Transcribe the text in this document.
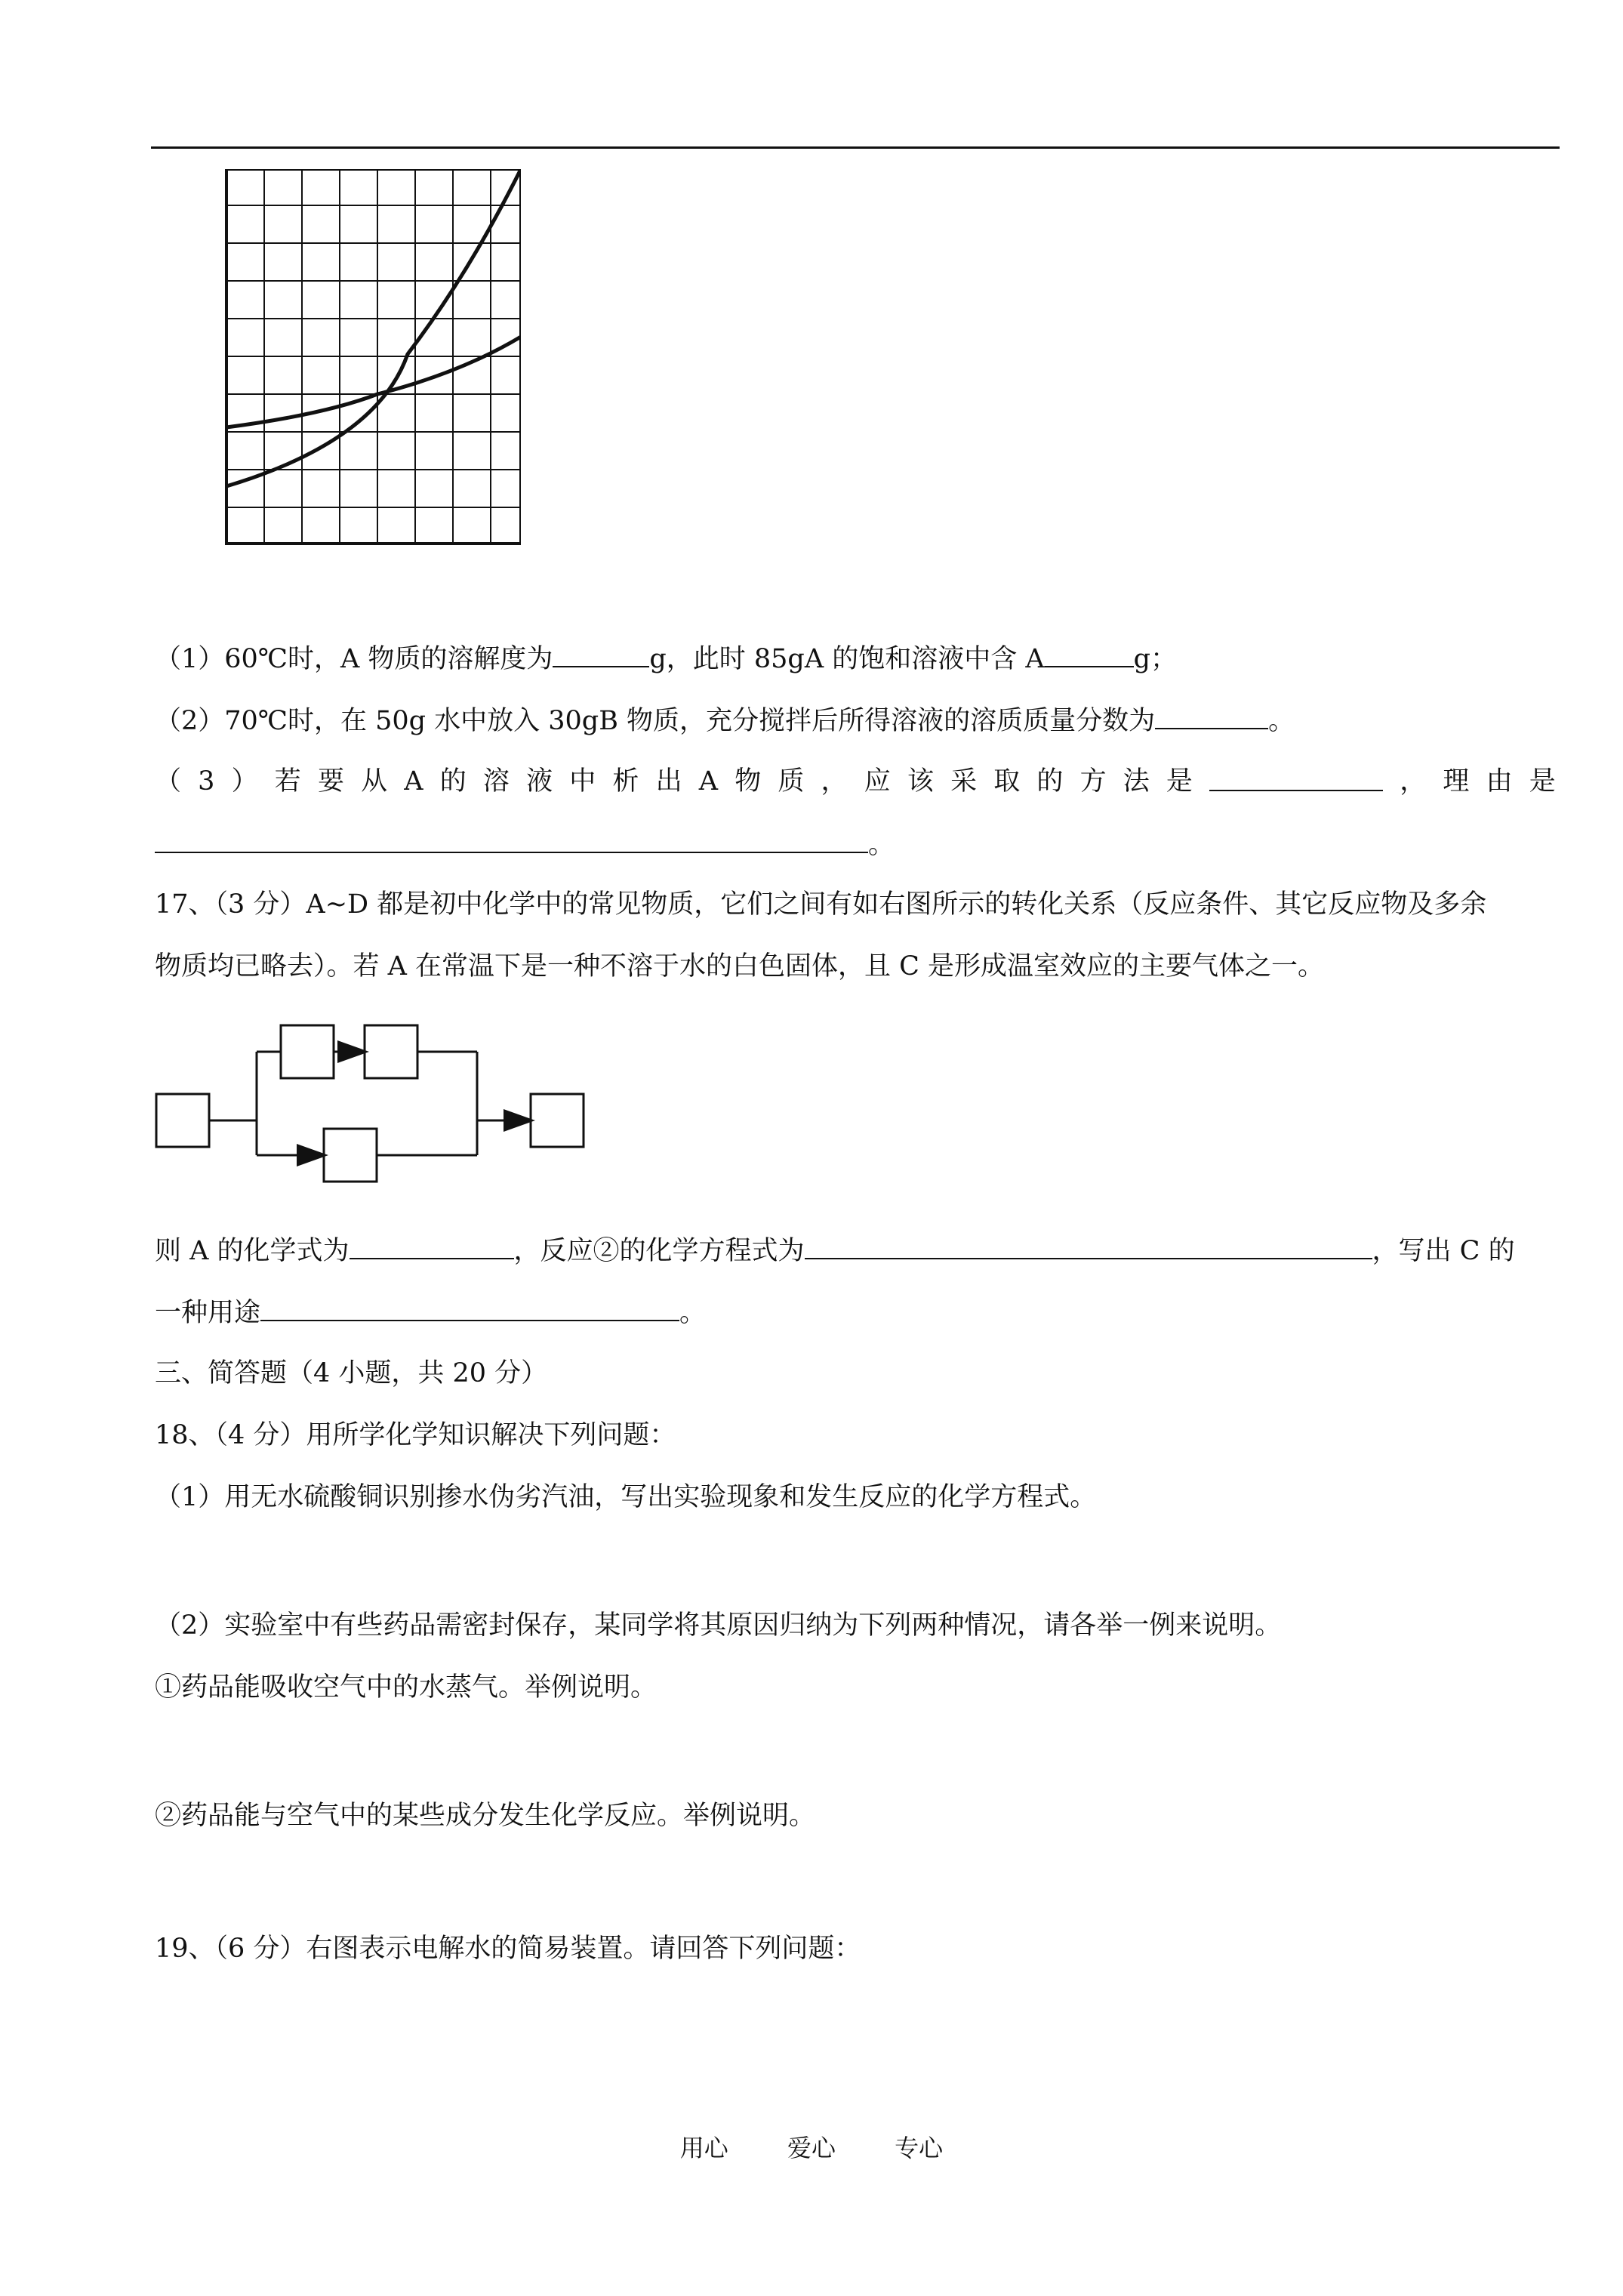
（1）60℃时，A 物质的溶解度为	g，此时 85gA 的饱和溶液中含 A	g；
（2）70℃时，在 50g 水中放入 30gB 物质，充分搅拌后所得溶液的溶质质量分数为	。
（ 3 ） 若 要 从 A 的 溶 液 中 析 出 A 物 质 ， 应 该 采 取 的 方 法 是	， 理 由 是
。
17、（3 分）A~D 都是初中化学中的常见物质，它们之间有如右图所示的转化关系（反应条件、其它反应物及多余
物质均已略去）。若 A 在常温下是一种不溶于水的白色固体，且 C 是形成温室效应的主要气体之一。
则 A 的化学式为	，反应②的化学方程式为	，写出 C 的
一种用途	。
三、简答题（4 小题，共 20 分）
18、（4 分）用所学化学知识解决下列问题：
（1）用无水硫酸铜识别掺水伪劣汽油，写出实验现象和发生反应的化学方程式。
（2）实验室中有些药品需密封保存，某同学将其原因归纳为下列两种情况，请各举一例来说明。
①药品能吸收空气中的水蒸气。举例说明。
②药品能与空气中的某些成分发生化学反应。举例说明。
19、（6 分）右图表示电解水的简易装置。请回答下列问题：
用心 爱心 专心
